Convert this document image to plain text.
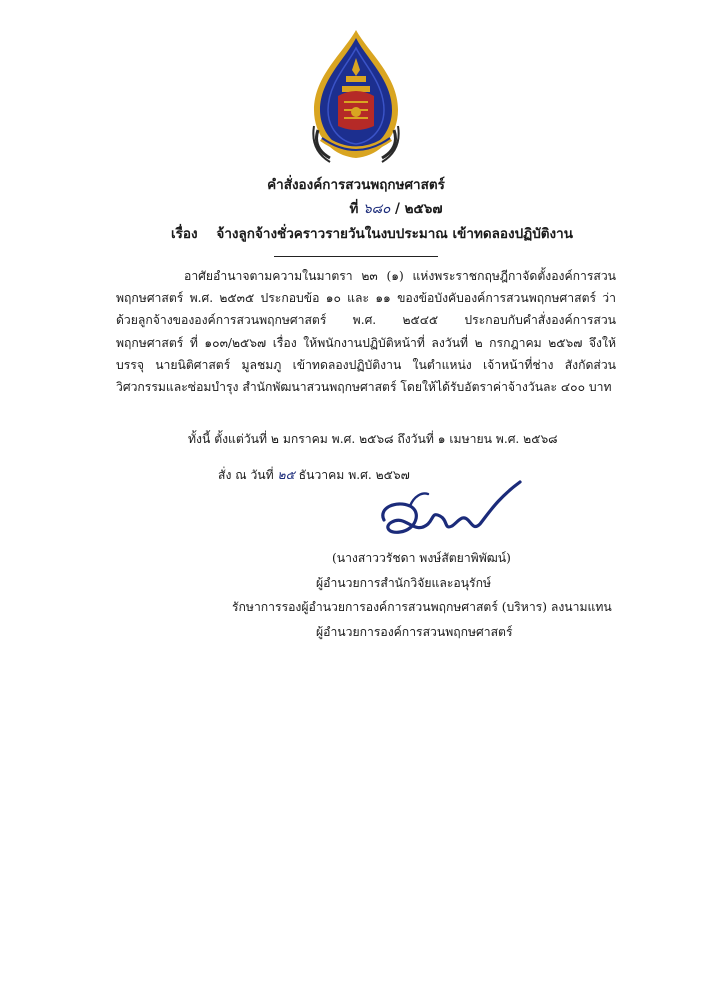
คำสั่งองค์การสวนพฤกษศาสตร์
ที่ ๖๘๐ / ๒๕๖๗
เรื่อง จ้างลูกจ้างชั่วคราวรายวันในงบประมาณ เข้าทดลองปฏิบัติงาน

อาศัยอำนาจตามความในมาตรา ๒๓ (๑) แห่งพระราชกฤษฎีกาจัดตั้งองค์การสวนพฤกษศาสตร์ พ.ศ. ๒๕๓๕ ประกอบข้อ ๑๐ และ ๑๑ ของข้อบังคับองค์การสวนพฤกษศาสตร์ ว่าด้วยลูกจ้างขององค์การสวนพฤกษศาสตร์ พ.ศ. ๒๕๔๕ ประกอบกับคำสั่งองค์การสวนพฤกษศาสตร์ ที่ ๑๐๓/๒๕๖๗ เรื่อง ให้พนักงานปฏิบัติหน้าที่ ลงวันที่ ๒ กรกฎาคม ๒๕๖๗ จึงให้บรรจุ นายนิติศาสตร์ มูลชมภู เข้าทดลองปฏิบัติงาน ในตำแหน่ง เจ้าหน้าที่ช่าง สังกัดส่วนวิศวกรรมและซ่อมบำรุง สำนักพัฒนาสวนพฤกษศาสตร์ โดยให้ได้รับอัตราค่าจ้างวันละ ๔๐๐ บาท

ทั้งนี้ ตั้งแต่วันที่ ๒ มกราคม พ.ศ. ๒๕๖๘ ถึงวันที่ ๑ เมษายน พ.ศ. ๒๕๖๘
สั่ง ณ วันที่ ๒๕ ธันวาคม พ.ศ. ๒๕๖๗
(นางสาววรัชดา พงษ์สัตยาพิพัฒน์)
ผู้อำนวยการสำนักวิจัยและอนุรักษ์
รักษาการรองผู้อำนวยการองค์การสวนพฤกษศาสตร์ (บริหาร) ลงนามแทน
ผู้อำนวยการองค์การสวนพฤกษศาสตร์
